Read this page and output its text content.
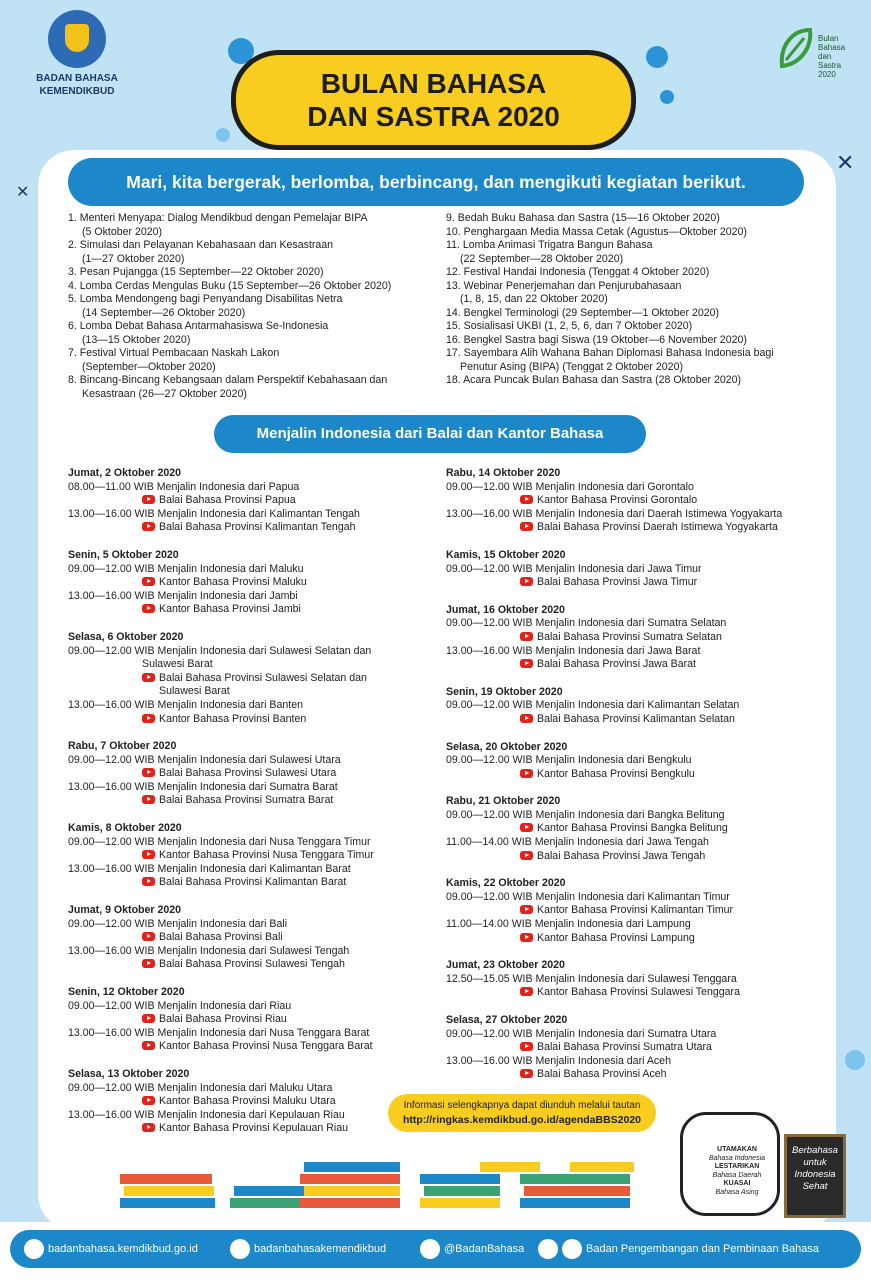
BADAN BAHASA
KEMENDIKBUD
Bulan
Bahasa
dan Sastra
2020
BULAN BAHASA
DAN SASTRA 2020
✕
✕
Mari, kita bergerak, berlomba, berbincang, dan mengikuti kegiatan berikut.
1. Menteri Menyapa: Dialog Mendikbud dengan Pemelajar BIPA
(5 Oktober 2020)
2. Simulasi dan Pelayanan Kebahasaan dan Kesastraan
(1—27 Oktober 2020)
3. Pesan Pujangga (15 September—22 Oktober 2020)
4. Lomba Cerdas Mengulas Buku (15 September—26 Oktober 2020)
5. Lomba Mendongeng bagi Penyandang Disabilitas Netra
(14 September—26 Oktober 2020)
6. Lomba Debat Bahasa Antarmahasiswa Se-Indonesia
(13—15 Oktober 2020)
7. Festival Virtual Pembacaan Naskah Lakon
(September—Oktober 2020)
8. Bincang-Bincang Kebangsaan dalam Perspektif Kebahasaan dan
Kesastraan (26—27 Oktober 2020)
9. Bedah Buku Bahasa dan Sastra (15—16 Oktober 2020)
10. Penghargaan Media Massa Cetak (Agustus—Oktober 2020)
11. Lomba Animasi Trigatra Bangun Bahasa
(22 September—28 Oktober 2020)
12. Festival Handai Indonesia (Tenggat 4 Oktober 2020)
13. Webinar Penerjemahan dan Penjurubahasaan
(1, 8, 15, dan 22 Oktober 2020)
14. Bengkel Terminologi (29 September—1 Oktober 2020)
15. Sosialisasi UKBI (1, 2, 5, 6, dan 7 Oktober 2020)
16. Bengkel Sastra bagi Siswa (19 Oktober—6 November 2020)
17. Sayembara Alih Wahana Bahan Diplomasi Bahasa Indonesia bagi
Penutur Asing (BIPA) (Tenggat 2 Oktober 2020)
18. Acara Puncak Bulan Bahasa dan Sastra (28 Oktober 2020)
Menjalin Indonesia dari Balai dan Kantor Bahasa
Jumat, 2 Oktober 2020
08.00—11.00 WIB Menjalin Indonesia dari Papua
Balai Bahasa Provinsi Papua
13.00—16.00 WIB Menjalin Indonesia dari Kalimantan Tengah
Balai Bahasa Provinsi Kalimantan Tengah
Senin, 5 Oktober 2020
09.00—12.00 WIB Menjalin Indonesia dari Maluku
Kantor Bahasa Provinsi Maluku
13.00—16.00 WIB Menjalin Indonesia dari Jambi
Kantor Bahasa Provinsi Jambi
Selasa, 6 Oktober 2020
09.00—12.00 WIB Menjalin Indonesia dari Sulawesi Selatan dan
Sulawesi Barat
Balai Bahasa Provinsi Sulawesi Selatan dan
Sulawesi Barat
13.00—16.00 WIB Menjalin Indonesia dari Banten
Kantor Bahasa Provinsi Banten
Rabu, 7 Oktober 2020
09.00—12.00 WIB Menjalin Indonesia dari Sulawesi Utara
Balai Bahasa Provinsi Sulawesi Utara
13.00—16.00 WIB Menjalin Indonesia dari Sumatra Barat
Balai Bahasa Provinsi Sumatra Barat
Kamis, 8 Oktober 2020
09.00—12.00 WIB Menjalin Indonesia dari Nusa Tenggara Timur
Kantor Bahasa Provinsi Nusa Tenggara Timur
13.00—16.00 WIB Menjalin Indonesia dari Kalimantan Barat
Balai Bahasa Provinsi Kalimantan Barat
Jumat, 9 Oktober 2020
09.00—12.00 WIB Menjalin Indonesia dari Bali
Balai Bahasa Provinsi Bali
13.00—16.00 WIB Menjalin Indonesia dari Sulawesi Tengah
Balai Bahasa Provinsi Sulawesi Tengah
Senin, 12 Oktober 2020
09.00—12.00 WIB Menjalin Indonesia dari Riau
Balai Bahasa Provinsi Riau
13.00—16.00 WIB Menjalin Indonesia dari Nusa Tenggara Barat
Kantor Bahasa Provinsi Nusa Tenggara Barat
Selasa, 13 Oktober 2020
09.00—12.00 WIB Menjalin Indonesia dari Maluku Utara
Kantor Bahasa Provinsi Maluku Utara
13.00—16.00 WIB Menjalin Indonesia dari Kepulauan Riau
Kantor Bahasa Provinsi Kepulauan Riau
Rabu, 14 Oktober 2020
09.00—12.00 WIB Menjalin Indonesia dari Gorontalo
Kantor Bahasa Provinsi Gorontalo
13.00—16.00 WIB Menjalin Indonesia dari Daerah Istimewa Yogyakarta
Balai Bahasa Provinsi Daerah Istimewa Yogyakarta
Kamis, 15 Oktober 2020
09.00—12.00 WIB Menjalin Indonesia dari Jawa Timur
Balai Bahasa Provinsi Jawa Timur
Jumat, 16 Oktober 2020
09.00—12.00 WIB Menjalin Indonesia dari Sumatra Selatan
Balai Bahasa Provinsi Sumatra Selatan
13.00—16.00 WIB Menjalin Indonesia dari Jawa Barat
Balai Bahasa Provinsi Jawa Barat
Senin, 19 Oktober 2020
09.00—12.00 WIB Menjalin Indonesia dari Kalimantan Selatan
Balai Bahasa Provinsi Kalimantan Selatan
Selasa, 20 Oktober 2020
09.00—12.00 WIB Menjalin Indonesia dari Bengkulu
Kantor Bahasa Provinsi Bengkulu
Rabu, 21 Oktober 2020
09.00—12.00 WIB Menjalin Indonesia dari Bangka Belitung
Kantor Bahasa Provinsi Bangka Belitung
11.00—14.00 WIB Menjalin Indonesia dari Jawa Tengah
Balai Bahasa Provinsi Jawa Tengah
Kamis, 22 Oktober 2020
09.00—12.00 WIB Menjalin Indonesia dari Kalimantan Timur
Kantor Bahasa Provinsi Kalimantan Timur
11.00—14.00 WIB Menjalin Indonesia dari Lampung
Kantor Bahasa Provinsi Lampung
Jumat, 23 Oktober 2020
12.50—15.05 WIB Menjalin Indonesia dari Sulawesi Tenggara
Kantor Bahasa Provinsi Sulawesi Tenggara
Selasa, 27 Oktober 2020
09.00—12.00 WIB Menjalin Indonesia dari Sumatra Utara
Balai Bahasa Provinsi Sumatra Utara
13.00—16.00 WIB Menjalin Indonesia dari Aceh
Balai Bahasa Provinsi Aceh
Informasi selengkapnya dapat diunduh melalui tautan
http://ringkas.kemdikbud.go.id/agendaBBS2020
UTAMAKAN
Bahasa Indonesia
LESTARIKAN
Bahasa Daerah
KUASAI
Bahasa Asing
Berbahasa
untuk
Indonesia
Sehat
badanbahasa.kemdikbud.go.id	badanbahasakemendikbud	@BadanBahasa	Badan Pengembangan dan Pembinaan Bahasa
